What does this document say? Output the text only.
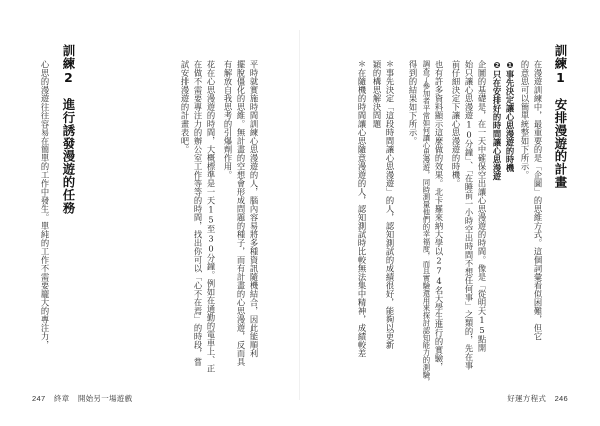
訓練1　安排漫遊的計畫
在漫遊訓練中，最重要的是「企圖」的思維方式。這個詞彙看似困難，但它
的意思可以簡單統整如下所示。
❶事先決定讓心思漫遊的時機
❷只在安排好的時間讓心思漫遊
企圖的基礎是，在一天中確保空出讓心思漫遊的時間。像是「從明天15點開
始只讓心思漫遊10分鐘」、「在睡前一小時空出時間不想任何事」之類的，先在事
前仔細決定下讓心思漫遊的時機。
也有許多資料顯示這麼做的效果。北卡羅來納大學以274名大學生進行的實驗，
調查了參加者平常如何讓心思漫遊，同時測量他們的幸福度，而且實驗還用來探討認知能力的測驗，
得到的結果如下所示。
＊事先決定「這段時間讓心思漫遊」的人，認知測試的成績很好，能夠以更新
穎的構思解決問題
＊在隨機的時間讓心思隨意漫遊的人，認知測試時比較無法集中精神，成績較差
好運方程式 246
平時就實施時間訓練心思漫遊的人，腦內容易將多種資訊隨機結合，因此能順利
擺脫僵化的思維。無計畫的空想會形成問題的種子，而有計畫的心思漫遊，反而具
有解放自我思考的引爆劑作用。
花在心思漫遊的時間，大概標準是一天15至30分鐘。例如在通勤的電車上、正
在做不需要專注力的辦公室工作等等的時間，找出你可以「心不在焉」的時段，嘗
試安排漫遊的計畫表吧。
訓練2　進行誘發漫遊的任務
心思的漫遊往往容易在簡單的工作中發生。單純的工作不需要龐大的專注力，
247 終章 開始另一場遊戲
